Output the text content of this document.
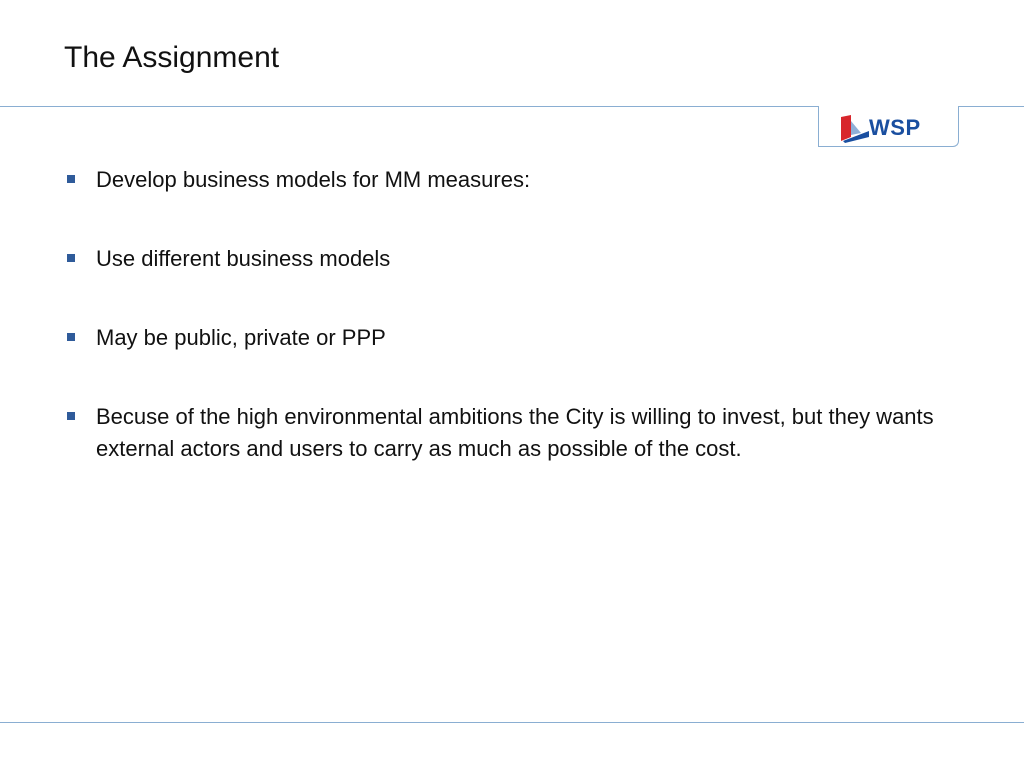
The Assignment
WSP
Develop business models for MM measures:
Use different business models
May be public, private or PPP
Becuse of the high environmental ambitions the City is willing to invest, but they wants external actors and users to carry as much as possible of the cost.
